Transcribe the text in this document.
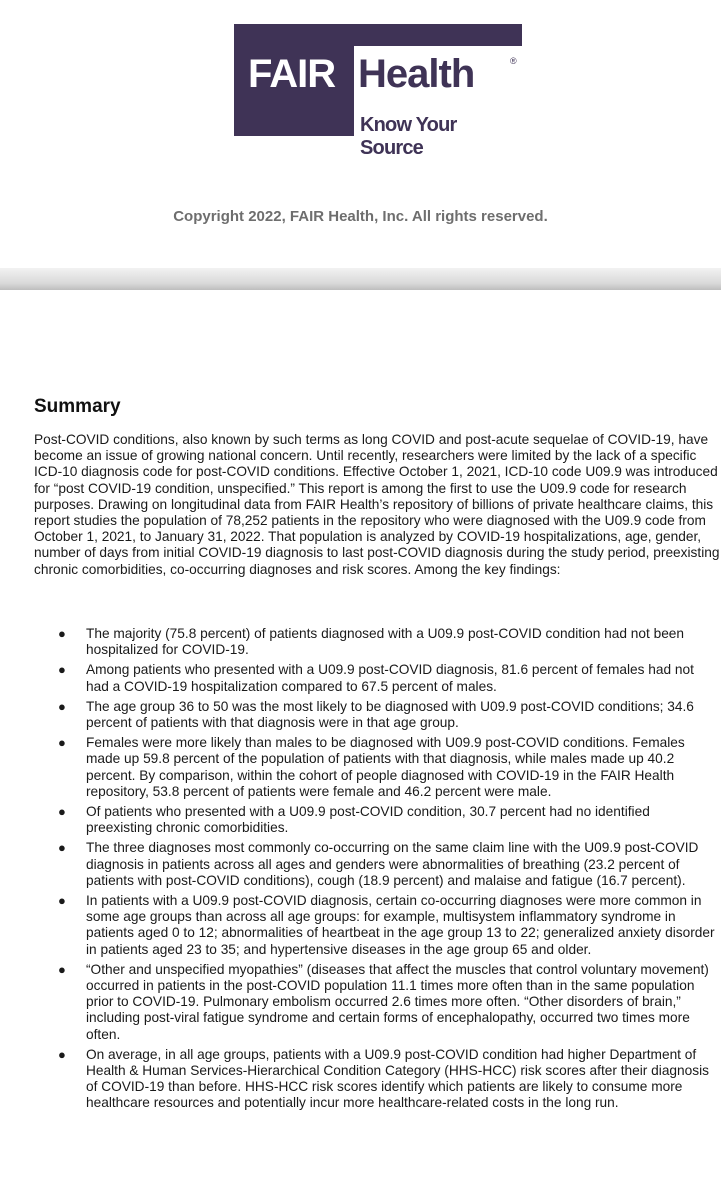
FAIR Health	®
Know Your Source
Copyright 2022, FAIR Health, Inc. All rights reserved.
Summary
Post-COVID conditions, also known by such terms as long COVID and post-acute sequelae of COVID-19, have become an issue of growing national concern. Until recently, researchers were limited by the lack of a specific ICD-10 diagnosis code for post-COVID conditions. Effective October 1, 2021, ICD-10 code U09.9 was introduced for “post COVID-19 condition, unspecified.” This report is among the first to use the U09.9 code for research purposes. Drawing on longitudinal data from FAIR Health’s repository of billions of private healthcare claims, this report studies the population of 78,252 patients in the repository who were diagnosed with the U09.9 code from October 1, 2021, to January 31, 2022. That population is analyzed by COVID-19 hospitalizations, age, gender, number of days from initial COVID-19 diagnosis to last post-COVID diagnosis during the study period, preexisting chronic comorbidities, co-occurring diagnoses and risk scores. Among the key findings:
● The majority (75.8 percent) of patients diagnosed with a U09.9 post-COVID condition had not been hospitalized for COVID-19.
● Among patients who presented with a U09.9 post-COVID diagnosis, 81.6 percent of females had not had a COVID-19 hospitalization compared to 67.5 percent of males.
● The age group 36 to 50 was the most likely to be diagnosed with U09.9 post-COVID conditions; 34.6 percent of patients with that diagnosis were in that age group.
● Females were more likely than males to be diagnosed with U09.9 post-COVID conditions. Females made up 59.8 percent of the population of patients with that diagnosis, while males made up 40.2 percent. By comparison, within the cohort of people diagnosed with COVID-19 in the FAIR Health repository, 53.8 percent of patients were female and 46.2 percent were male.
● Of patients who presented with a U09.9 post-COVID condition, 30.7 percent had no identified preexisting chronic comorbidities.
● The three diagnoses most commonly co-occurring on the same claim line with the U09.9 post-COVID diagnosis in patients across all ages and genders were abnormalities of breathing (23.2 percent of patients with post-COVID conditions), cough (18.9 percent) and malaise and fatigue (16.7 percent).
● In patients with a U09.9 post-COVID diagnosis, certain co-occurring diagnoses were more common in some age groups than across all age groups: for example, multisystem inflammatory syndrome in patients aged 0 to 12; abnormalities of heartbeat in the age group 13 to 22; generalized anxiety disorder in patients aged 23 to 35; and hypertensive diseases in the age group 65 and older.
● “Other and unspecified myopathies” (diseases that affect the muscles that control voluntary movement) occurred in patients in the post-COVID population 11.1 times more often than in the same population prior to COVID-19. Pulmonary embolism occurred 2.6 times more often. “Other disorders of brain,” including post-viral fatigue syndrome and certain forms of encephalopathy, occurred two times more often.
● On average, in all age groups, patients with a U09.9 post-COVID condition had higher Department of Health & Human Services-Hierarchical Condition Category (HHS-HCC) risk scores after their diagnosis of COVID-19 than before. HHS-HCC risk scores identify which patients are likely to consume more healthcare resources and potentially incur more healthcare-related costs in the long run.
